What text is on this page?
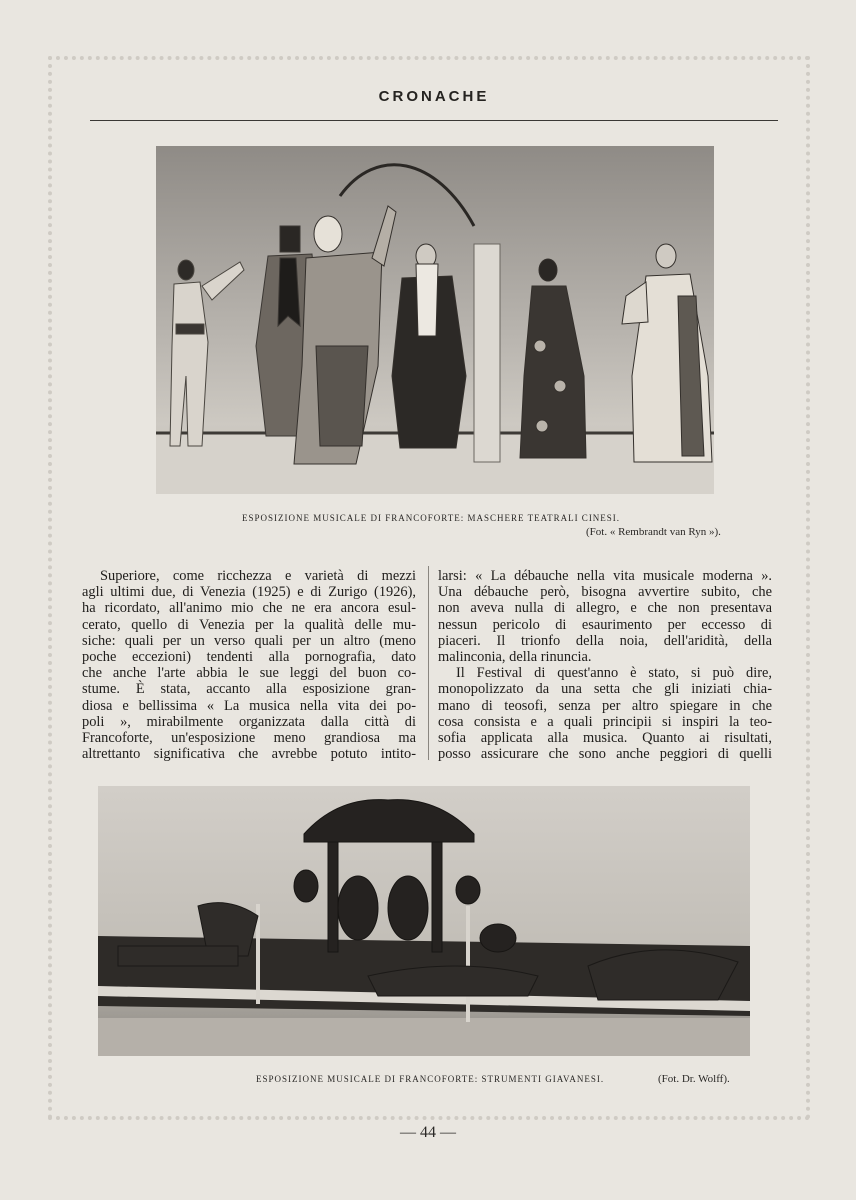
CRONACHE
ESPOSIZIONE MUSICALE DI FRANCOFORTE: MASCHERE TEATRALI CINESI.
(Fot. « Rembrandt van Ryn »).
Superiore, come ricchezza e varietà di mezzi
agli ultimi due, di Venezia (1925) e di Zurigo (1926),
ha ricordato, all'animo mio che ne era ancora esul-
cerato, quello di Venezia per la qualità delle mu-
siche: quali per un verso quali per un altro (meno
poche eccezioni) tendenti alla pornografia, dato
che anche l'arte abbia le sue leggi del buon co-
stume. È stata, accanto alla esposizione gran-
diosa e bellissima « La musica nella vita dei po-
poli », mirabilmente organizzata dalla città di
Francoforte, un'esposizione meno grandiosa ma
altrettanto significativa che avrebbe potuto intito-
larsi: « La débauche nella vita musicale moderna ».
Una débauche però, bisogna avvertire subito, che
non aveva nulla di allegro, e che non presentava
nessun pericolo di esaurimento per eccesso di
piaceri. Il trionfo della noia, dell'aridità, della
malinconia, della rinuncia.
Il Festival di quest'anno è stato, si può dire,
monopolizzato da una setta che gli iniziati chia-
mano di teosofi, senza per altro spiegare in che
cosa consista e a quali principii si inspiri la teo-
sofia applicata alla musica. Quanto ai risultati,
posso assicurare che sono anche peggiori di quelli
ESPOSIZIONE MUSICALE DI FRANCOFORTE: STRUMENTI GIAVANESI.	(Fot. Dr. Wolff).
— 44 —
